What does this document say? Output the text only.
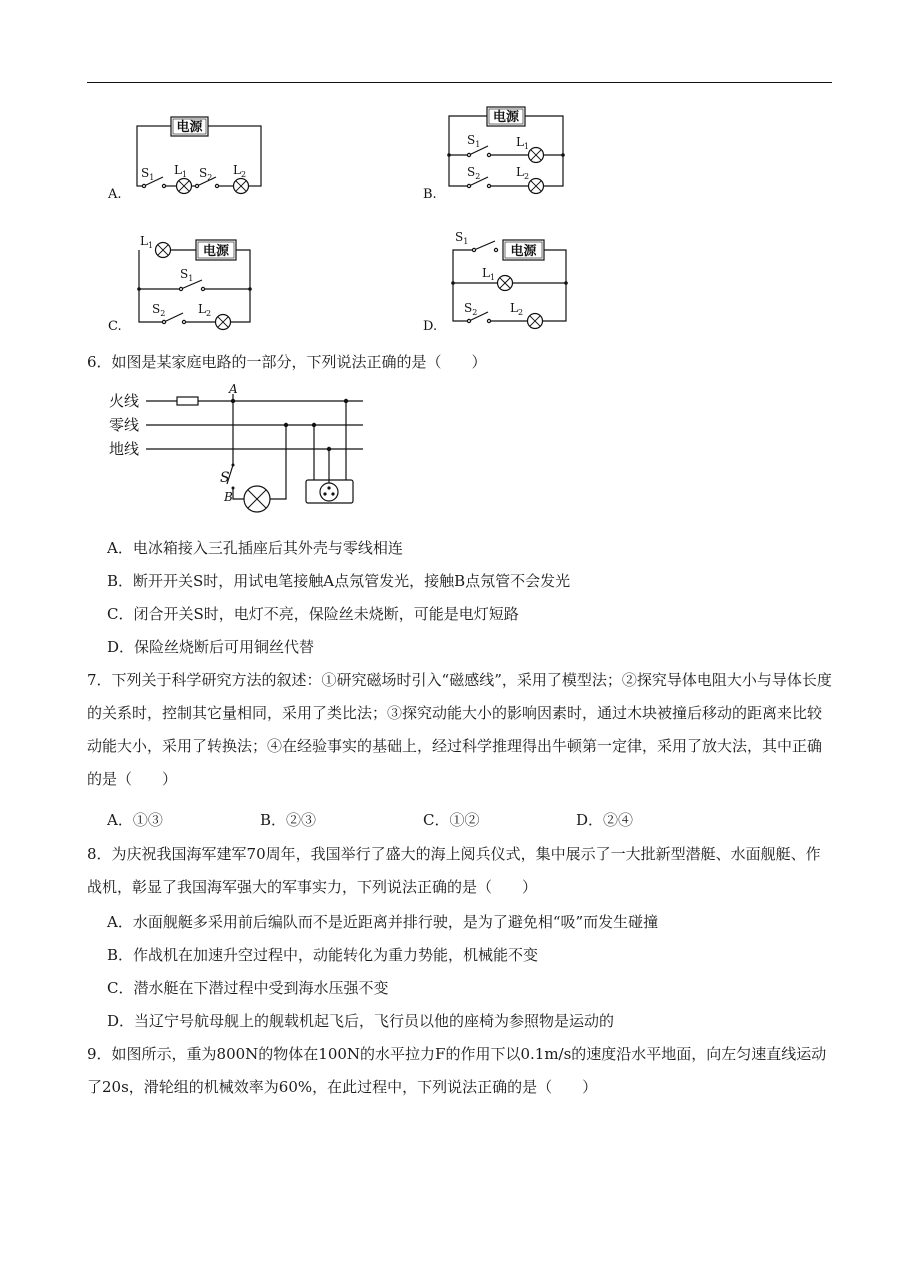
电源
电源
电源	电源
$S_1$
$L_1$ $S_2$
$L_2$
$S_1$	$L_1$
$S_2$	$L_2$
$L_1$
$S_1$
$S_2$	$L_2$
$S_1$
$L_1$
$S_2$	$L_2$
A.	B.
C.	D.
6．如图是某家庭电路的一部分，下列说法正确的是（　　）
火线
零线
地线
A
S
B
A．电冰箱接入三孔插座后其外壳与零线相连
B．断开开关S时，用试电笔接触A点氖管发光，接触B点氖管不会发光
C．闭合开关S时，电灯不亮，保险丝未烧断，可能是电灯短路
D．保险丝烧断后可用铜丝代替
7．下列关于科学研究方法的叙述：①研究磁场时引入“磁感线”，采用了模型法；②探究导体电阻大小与导体长度的关系时，控制其它量相同，采用了类比法；③探究动能大小的影响因素时，通过木块被撞后移动的距离来比较动能大小，采用了转换法；④在经验事实的基础上，经过科学推理得出牛顿第一定律，采用了放大法，其中正确的是（　　）
A．①③	B．②③	C．①②	D．②④
8．为庆祝我国海军建军70周年，我国举行了盛大的海上阅兵仪式，集中展示了一大批新型潜艇、水面舰艇、作战机，彰显了我国海军强大的军事实力，下列说法正确的是（　　）
A．水面舰艇多采用前后编队而不是近距离并排行驶，是为了避免相“吸”而发生碰撞
B．作战机在加速升空过程中，动能转化为重力势能，机械能不变
C．潜水艇在下潜过程中受到海水压强不变
D．当辽宁号航母舰上的舰载机起飞后，飞行员以他的座椅为参照物是运动的
9．如图所示，重为800N的物体在100N的水平拉力F的作用下以0.1m/s的速度沿水平地面，向左匀速直线运动了20s，滑轮组的机械效率为60%，在此过程中，下列说法正确的是（　　）
